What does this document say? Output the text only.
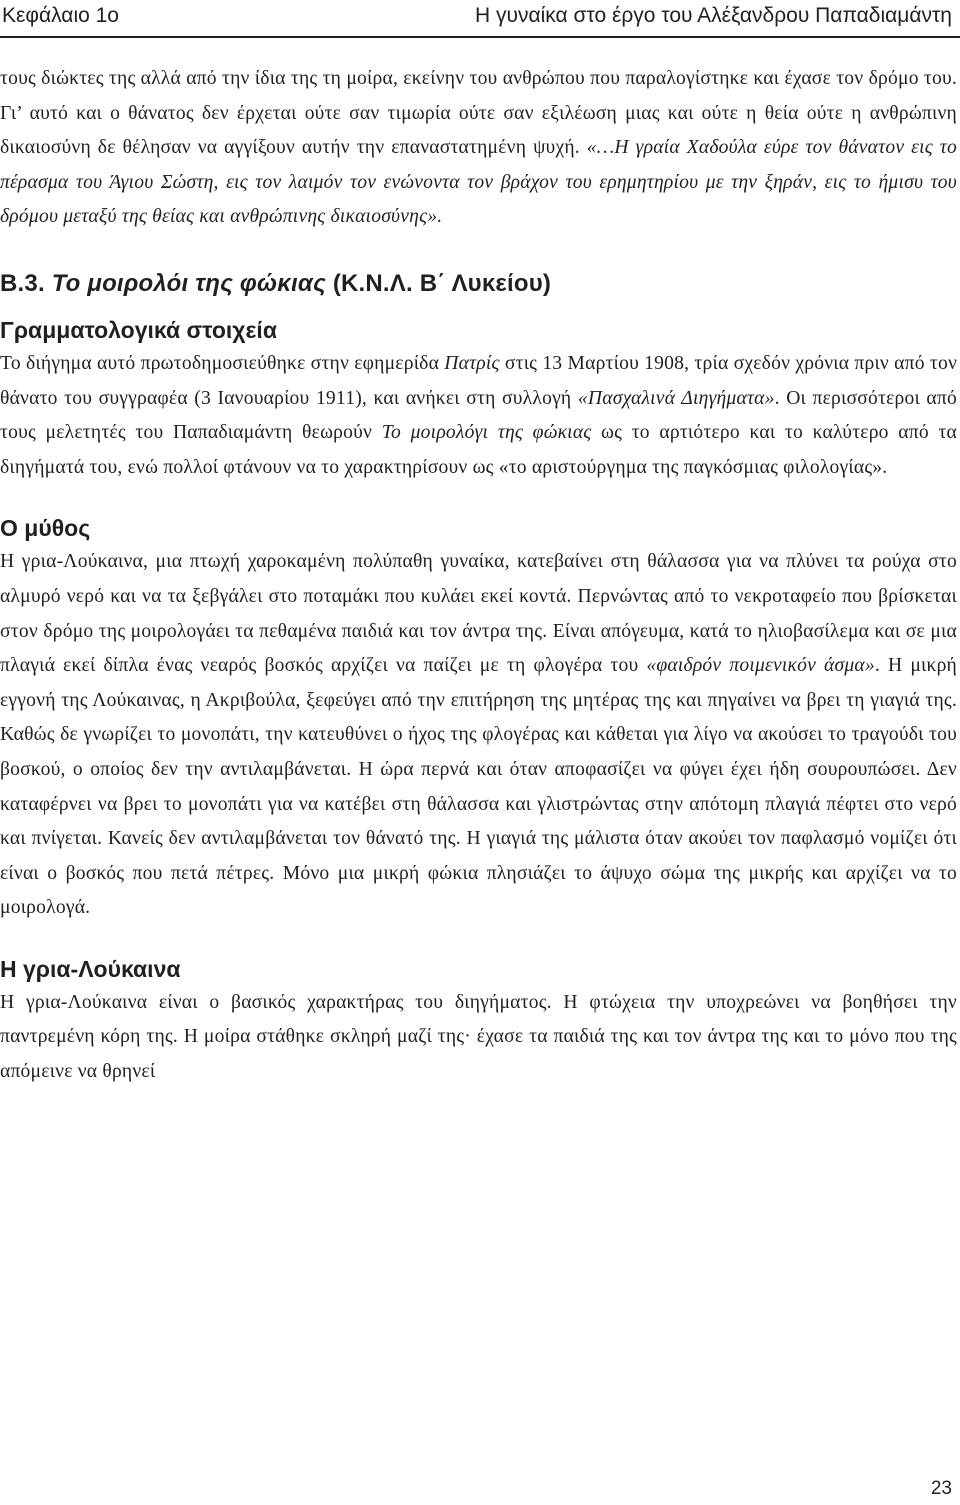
Κεφάλαιο 1ο	Η γυναίκα στο έργο του Αλέξανδρου Παπαδιαμάντη

τους διώκτες της αλλά από την ίδια της τη μοίρα, εκείνην του ανθρώπου που παραλογίστηκε και έχασε τον δρόμο του. Γι’ αυτό και ο θάνατος δεν έρχεται ούτε σαν τιμωρία ούτε σαν εξιλέωση μιας και ούτε η θεία ούτε η ανθρώπινη δικαιοσύνη δε θέλησαν να αγγίξουν αυτήν την επαναστατημένη ψυχή. «…Η γραία Χαδούλα εύρε τον θάνατον εις το πέρασμα του Άγιου Σώστη, εις τον λαιμόν τον ενώνοντα τον βράχον του ερημητηρίου με την ξηράν, εις το ήμισυ του δρόμου μεταξύ της θείας και ανθρώπινης δικαιοσύνης».

Β.3. Το μοιρολόι της φώκιας (Κ.Ν.Λ. Β΄ Λυκείου)
Γραμματολογικά στοιχεία

Το διήγημα αυτό πρωτοδημοσιεύθηκε στην εφημερίδα Πατρίς στις 13 Μαρτίου 1908, τρία σχεδόν χρόνια πριν από τον θάνατο του συγγραφέα (3 Ιανουαρίου 1911), και ανήκει στη συλλογή «Πασχαλινά Διηγήματα». Οι περισσότεροι από τους μελετητές του Παπαδιαμάντη θεωρούν Το μοιρολόγι της φώκιας ως το αρτιότερο και το καλύτερο από τα διηγήματά του, ενώ πολλοί φτάνουν να το χαρακτηρίσουν ως «το αριστούργημα της παγκόσμιας φιλολογίας».

Ο μύθος

Η γρια-Λούκαινα, μια πτωχή χαροκαμένη πολύπαθη γυναίκα, κατεβαίνει στη θάλασσα για να πλύνει τα ρούχα στο αλμυρό νερό και να τα ξεβγάλει στο ποταμάκι που κυλάει εκεί κοντά. Περνώντας από το νεκροταφείο που βρίσκεται στον δρόμο της μοιρολογάει τα πεθαμένα παιδιά και τον άντρα της. Είναι απόγευμα, κατά το ηλιοβασίλεμα και σε μια πλαγιά εκεί δίπλα ένας νεαρός βοσκός αρχίζει να παίζει με τη φλογέρα του «φαιδρόν ποιμενικόν άσμα». Η μικρή εγγονή της Λούκαινας, η Ακριβούλα, ξεφεύγει από την επιτήρηση της μητέρας της και πηγαίνει να βρει τη γιαγιά της. Καθώς δε γνωρίζει το μονοπάτι, την κατευθύνει ο ήχος της φλογέρας και κάθεται για λίγο να ακούσει το τραγούδι του βοσκού, ο οποίος δεν την αντιλαμβάνεται. Η ώρα περνά και όταν αποφασίζει να φύγει έχει ήδη σουρουπώσει. Δεν καταφέρνει να βρει το μονοπάτι για να κατέβει στη θάλασσα και γλιστρώντας στην απότομη πλαγιά πέφτει στο νερό και πνίγεται. Κανείς δεν αντιλαμβάνεται τον θάνατό της. Η γιαγιά της μάλιστα όταν ακούει τον παφλασμό νομίζει ότι είναι ο βοσκός που πετά πέτρες. Μόνο μια μικρή φώκια πλησιάζει το άψυχο σώμα της μικρής και αρχίζει να το μοιρολογά.

Η γρια-Λούκαινα

Η γρια-Λούκαινα είναι ο βασικός χαρακτήρας του διηγήματος. Η φτώχεια την υποχρεώνει να βοηθήσει την παντρεμένη κόρη της. Η μοίρα στάθηκε σκληρή μαζί της· έχασε τα παιδιά της και τον άντρα της και το μόνο που της απόμεινε να θρηνεί

23
